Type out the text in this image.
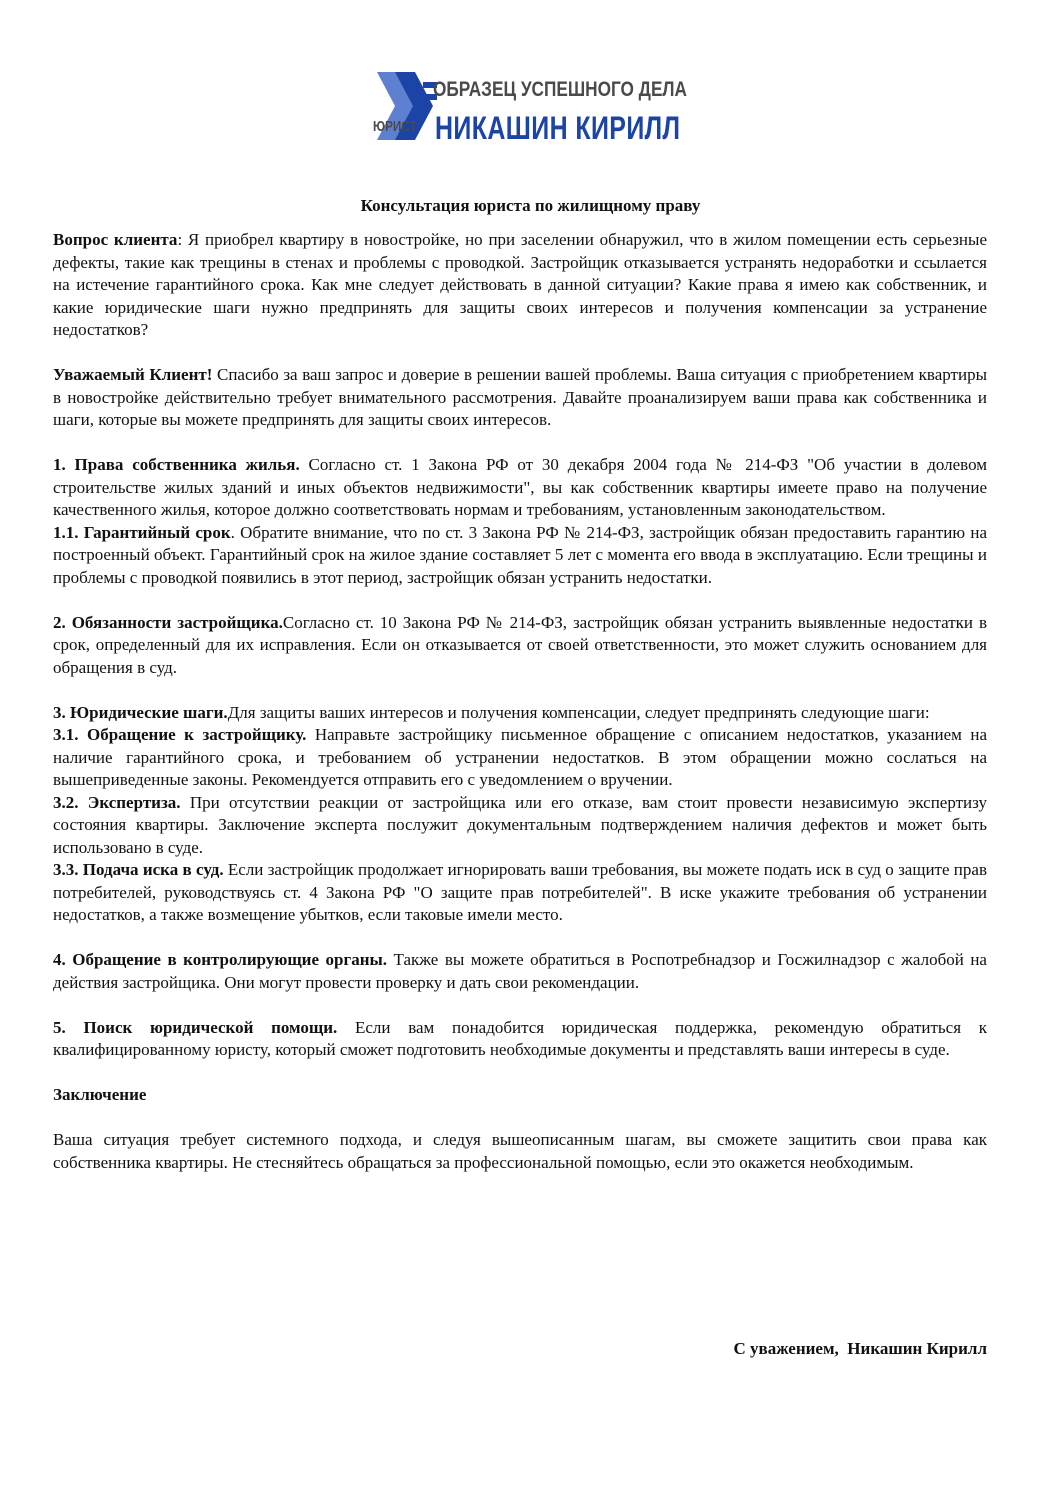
ОБРАЗЕЦ УСПЕШНОГО ДЕЛА
ЮРИСТ НИКАШИН КИРИЛЛ
Консультация юриста по жилищному праву

Вопрос клиента: Я приобрел квартиру в новостройке, но при заселении обнаружил, что в жилом помещении есть серьезные дефекты, такие как трещины в стенах и проблемы с проводкой. Застройщик отказывается устранять недоработки и ссылается на истечение гарантийного срока. Как мне следует действовать в данной ситуации? Какие права я имею как собственник, и какие юридические шаги нужно предпринять для защиты своих интересов и получения компенсации за устранение недостатков?

Уважаемый Клиент! Спасибо за ваш запрос и доверие в решении вашей проблемы. Ваша ситуация с приобретением квартиры в новостройке действительно требует внимательного рассмотрения. Давайте проанализируем ваши права как собственника и шаги, которые вы можете предпринять для защиты своих интересов.

1. Права собственника жилья. Согласно ст. 1 Закона РФ от 30 декабря 2004 года № 214-ФЗ "Об участии в долевом строительстве жилых зданий и иных объектов недвижимости", вы как собственник квартиры имеете право на получение качественного жилья, которое должно соответствовать нормам и требованиям, установленным законодательством.

1.1. Гарантийный срок. Обратите внимание, что по ст. 3 Закона РФ № 214-ФЗ, застройщик обязан предоставить гарантию на построенный объект. Гарантийный срок на жилое здание составляет 5 лет с момента его ввода в эксплуатацию. Если трещины и проблемы с проводкой появились в этот период, застройщик обязан устранить недостатки.

2. Обязанности застройщика.Согласно ст. 10 Закона РФ № 214-ФЗ, застройщик обязан устранить выявленные недостатки в срок, определенный для их исправления. Если он отказывается от своей ответственности, это может служить основанием для обращения в суд.

3. Юридические шаги.Для защиты ваших интересов и получения компенсации, следует предпринять следующие шаги:

3.1. Обращение к застройщику. Направьте застройщику письменное обращение с описанием недостатков, указанием на наличие гарантийного срока, и требованием об устранении недостатков. В этом обращении можно сослаться на вышеприведенные законы. Рекомендуется отправить его с уведомлением о вручении.

3.2. Экспертиза. При отсутствии реакции от застройщика или его отказе, вам стоит провести независимую экспертизу состояния квартиры. Заключение эксперта послужит документальным подтверждением наличия дефектов и может быть использовано в суде.

3.3. Подача иска в суд. Если застройщик продолжает игнорировать ваши требования, вы можете подать иск в суд о защите прав потребителей, руководствуясь ст. 4 Закона РФ "О защите прав потребителей". В иске укажите требования об устранении недостатков, а также возмещение убытков, если таковые имели место.

4. Обращение в контролирующие органы. Также вы можете обратиться в Роспотребнадзор и Госжилнадзор с жалобой на действия застройщика. Они могут провести проверку и дать свои рекомендации.

5. Поиск юридической помощи. Если вам понадобится юридическая поддержка, рекомендую обратиться к квалифицированному юристу, который сможет подготовить необходимые документы и представлять ваши интересы в суде.

Заключение

Ваша ситуация требует системного подхода, и следуя вышеописанным шагам, вы сможете защитить свои права как собственника квартиры. Не стесняйтесь обращаться за профессиональной помощью, если это окажется необходимым.

С уважением,  Никашин Кирилл
